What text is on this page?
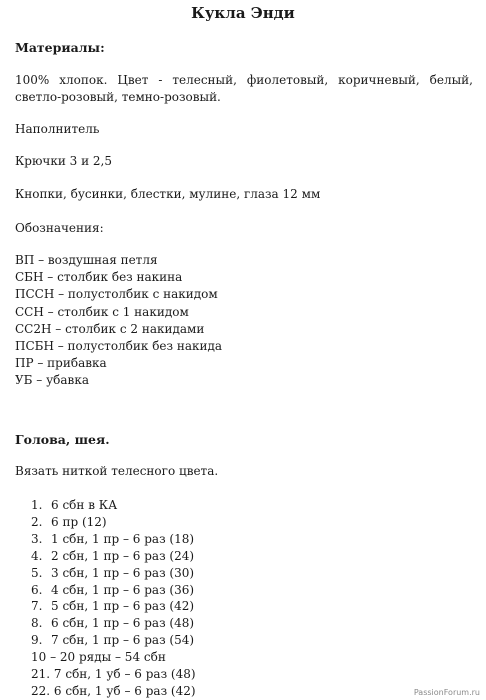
Кукла Энди
Материалы:
100% хлопок. Цвет - телесный, фиолетовый, коричневый, белый, светло-розовый, темно-розовый.
Наполнитель
Крючки 3 и 2,5
Кнопки, бусинки, блестки, мулине, глаза 12 мм
Обозначения:
ВП – воздушная петля
СБН – столбик без накина
ПССН – полустолбик с накидом
ССН – столбик с 1 накидом
СС2Н – столбик с 2 накидами
ПСБН – полустолбик без накида
ПР – прибавка
УБ – убавка
Голова, шея.
Вязать ниткой телесного цвета.
1. 6 сбн в КА
2. 6 пр (12)
3. 1 сбн, 1 пр – 6 раз (18)
4. 2 сбн, 1 пр – 6 раз (24)
5. 3 сбн, 1 пр – 6 раз (30)
6. 4 сбн, 1 пр – 6 раз (36)
7. 5 сбн, 1 пр – 6 раз (42)
8. 6 сбн, 1 пр – 6 раз (48)
9. 7 сбн, 1 пр – 6 раз (54)
10 – 20 ряды – 54 сбн
21. 7 сбн, 1 уб – 6 раз (48)
22. 6 сбн, 1 уб – 6 раз (42)	PassionForum.ru
